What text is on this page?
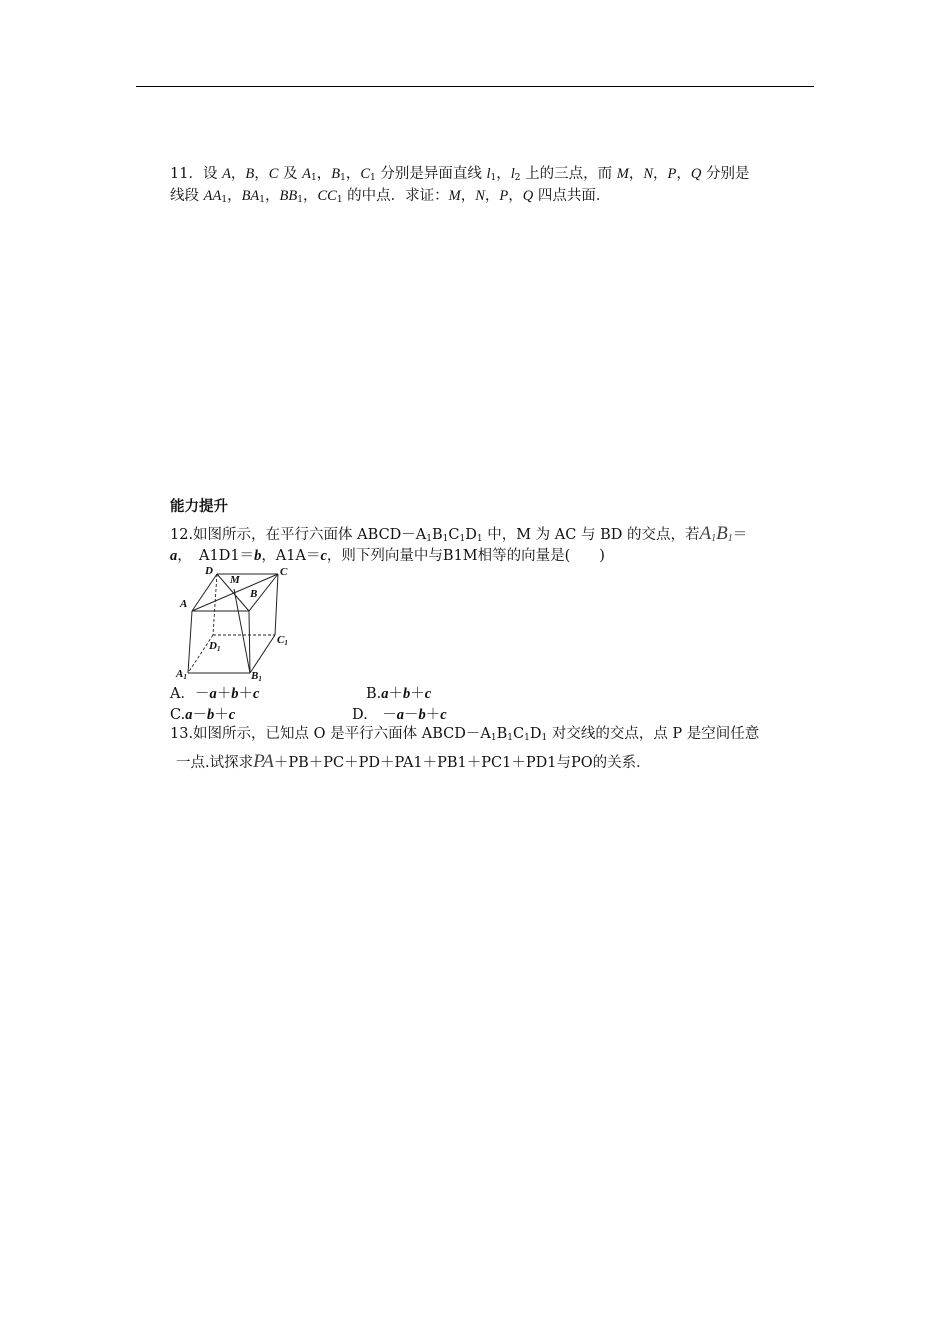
11．设 A，B，C 及 $A_1$，$B_1$，$C_1$ 分别是异面直线 $l_1$，$l_2$ 上的三点，而 M，N，P，Q 分别是
线段 $AA_1$，$BA_1$，$BB_1$，$CC_1$ 的中点．求证：M，N，P，Q 四点共面．
能力提升
12.如图所示，在平行六面体 $ABCD-A_1B_1C_1D_1$ 中，M 为 AC 与 BD 的交点，若$A_1B_1=$
a，　A1D1＝b，A1A＝c，则下列向量中与B1M相等的向量是(　　)
D
M
C
A
B
D1
C1
A1	B1
A．－a＋b＋c	B.a＋b＋c
C.a－b＋c	D.　－a－b＋c
13.如图所示，已知点 O 是平行六面体 $ABCD-A_1B_1C_1D_1$ 对交线的交点，点 P 是空间任意
一点.试探求PA＋PB＋PC＋PD＋PA1＋PB1＋PC1＋PD1与PO的关系．
